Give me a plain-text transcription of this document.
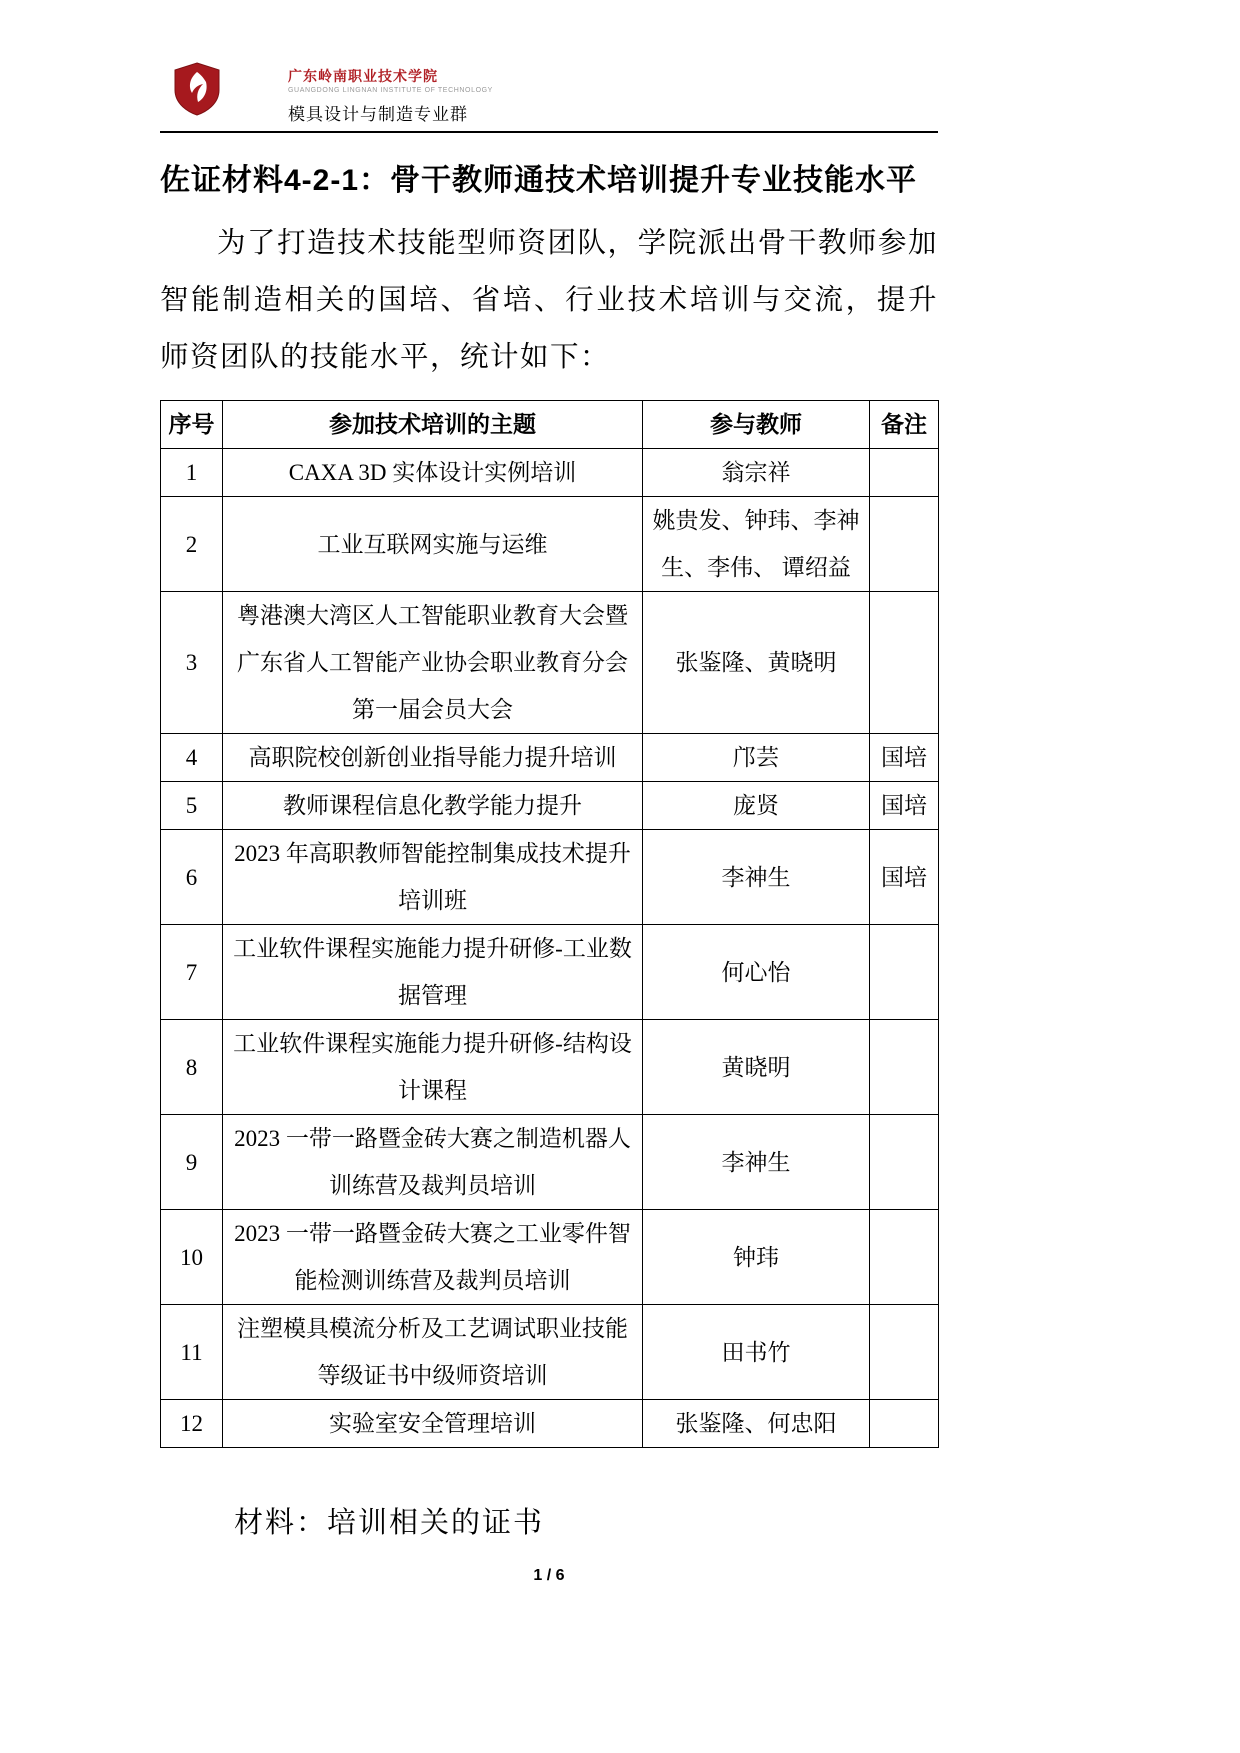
广东岭南职业技术学院
GUANGDONG LINGNAN INSTITUTE OF TECHNOLOGY
模具设计与制造专业群
佐证材料4-2-1：骨干教师通技术培训提升专业技能水平

为了打造技术技能型师资团队，学院派出骨干教师参加智能制造相关的国培、省培、行业技术培训与交流，提升师资团队的技能水平，统计如下：

序号	参加技术培训的主题	参与教师	备注
1	CAXA 3D 实体设计实例培训	翁宗祥	
2	工业互联网实施与运维	姚贵发、钟玮、李神生、李伟、 谭绍益	
3	粤港澳大湾区人工智能职业教育大会暨广东省人工智能产业协会职业教育分会第一届会员大会	张鉴隆、黄晓明	
4	高职院校创新创业指导能力提升培训	邝芸	国培
5	教师课程信息化教学能力提升	庞贤	国培
6	2023 年高职教师智能控制集成技术提升培训班	李神生	国培
7	工业软件课程实施能力提升研修-工业数据管理	何心怡	
8	工业软件课程实施能力提升研修-结构设计课程	黄晓明	
9	2023 一带一路暨金砖大赛之制造机器人训练营及裁判员培训	李神生	
10	2023 一带一路暨金砖大赛之工业零件智能检测训练营及裁判员培训	钟玮	
11	注塑模具模流分析及工艺调试职业技能等级证书中级师资培训	田书竹	
12	实验室安全管理培训	张鉴隆、何忠阳	
材料：培训相关的证书
1 / 6
